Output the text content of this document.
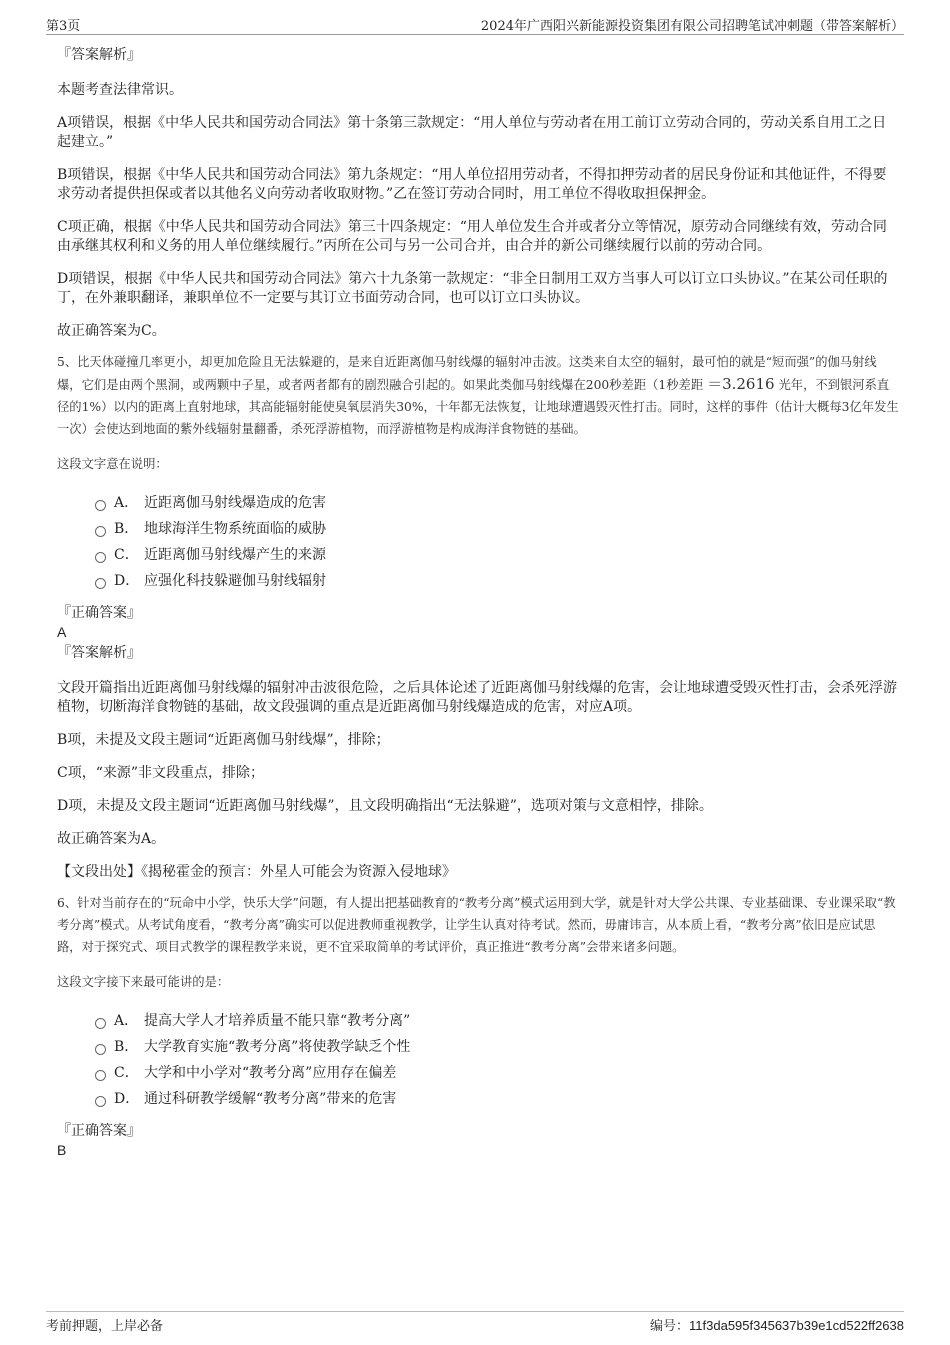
第3页	2024年广西阳兴新能源投资集团有限公司招聘笔试冲刺题（带答案解析）

『答案解析』

本题考查法律常识。

A项错误，根据《中华人民共和国劳动合同法》第十条第三款规定：“用人单位与劳动者在用工前订立劳动合同的，劳动关系自用工之日起建立。”

B项错误，根据《中华人民共和国劳动合同法》第九条规定：“用人单位招用劳动者，不得扣押劳动者的居民身份证和其他证件，不得要求劳动者提供担保或者以其他名义向劳动者收取财物。”乙在签订劳动合同时，用工单位不得收取担保押金。

C项正确，根据《中华人民共和国劳动合同法》第三十四条规定：“用人单位发生合并或者分立等情况，原劳动合同继续有效，劳动合同由承继其权利和义务的用人单位继续履行。”丙所在公司与另一公司合并，由合并的新公司继续履行以前的劳动合同。

D项错误，根据《中华人民共和国劳动合同法》第六十九条第一款规定：“非全日制用工双方当事人可以订立口头协议。”在某公司任职的丁，在外兼职翻译，兼职单位不一定要与其订立书面劳动合同，也可以订立口头协议。

故正确答案为C。

5、比天体碰撞几率更小，却更加危险且无法躲避的，是来自近距离伽马射线爆的辐射冲击波。这类来自太空的辐射，最可怕的就是“短而强”的伽马射线爆，它们是由两个黑洞，或两颗中子星，或者两者都有的剧烈融合引起的。如果此类伽马射线爆在200秒差距（1秒差距 ＝3.2616 光年，不到银河系直径的1%）以内的距离上直射地球，其高能辐射能使臭氧层消失30%，十年都无法恢复，让地球遭遇毁灭性打击。同时，这样的事件（估计大概每3亿年发生一次）会使达到地面的紫外线辐射量翻番，杀死浮游植物，而浮游植物是构成海洋食物链的基础。

这段文字意在说明：

A． 近距离伽马射线爆造成的危害
B． 地球海洋生物系统面临的威胁
C． 近距离伽马射线爆产生的来源
D． 应强化科技躲避伽马射线辐射

『正确答案』

A

『答案解析』

文段开篇指出近距离伽马射线爆的辐射冲击波很危险，之后具体论述了近距离伽马射线爆的危害，会让地球遭受毁灭性打击，会杀死浮游植物，切断海洋食物链的基础，故文段强调的重点是近距离伽马射线爆造成的危害，对应A项。

B项，未提及文段主题词“近距离伽马射线爆”，排除；

C项，“来源”非文段重点，排除；

D项，未提及文段主题词“近距离伽马射线爆”，且文段明确指出“无法躲避”，选项对策与文意相悖，排除。

故正确答案为A。

【文段出处】《揭秘霍金的预言：外星人可能会为资源入侵地球》

6、针对当前存在的“玩命中小学，快乐大学”问题，有人提出把基础教育的“教考分离”模式运用到大学，就是针对大学公共课、专业基础课、专业课采取“教考分离”模式。从考试角度看，“教考分离”确实可以促进教师重视教学，让学生认真对待考试。然而，毋庸讳言，从本质上看，“教考分离”依旧是应试思路，对于探究式、项目式教学的课程教学来说，更不宜采取简单的考试评价，真正推进“教考分离”会带来诸多问题。

这段文字接下来最可能讲的是：

A． 提高大学人才培养质量不能只靠“教考分离”
B． 大学教育实施“教考分离”将使教学缺乏个性
C． 大学和中小学对“教考分离”应用存在偏差
D． 通过科研教学缓解“教考分离”带来的危害

『正确答案』

B

考前押题，上岸必备	编号：11f3da595f345637b39e1cd522ff2638
